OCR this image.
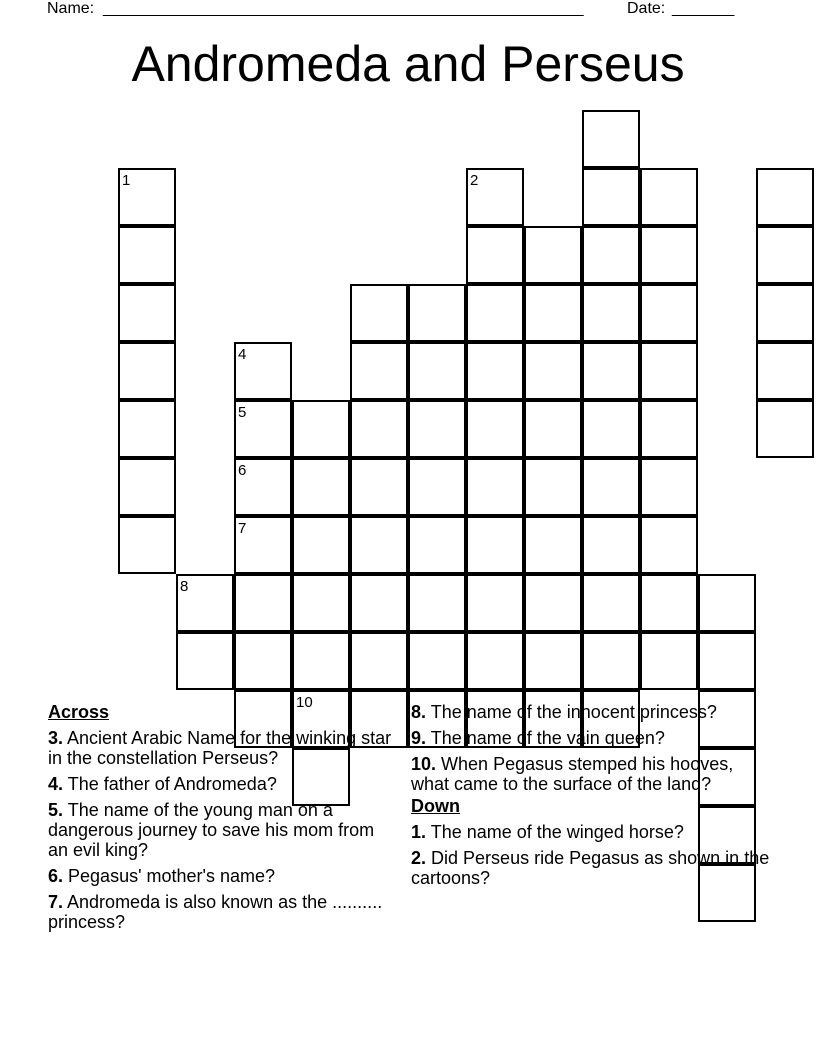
Name: ______________________________________________________	Date: _______
Andromeda and Perseus
1
8
4
5
6
7
10
2
Across
3. Ancient Arabic Name for the winking star in the constellation Perseus?
4. The father of Andromeda?
5. The name of the young man on a dangerous journey to save his mom from an evil king?
6. Pegasus' mother's name?
7. Andromeda is also known as the .......... princess?
8. The name of the innocent princess?
9. The name of the vain queen?
10. When Pegasus stemped his hooves, what came to the surface of the land?
Down
1. The name of the winged horse?
2. Did Perseus ride Pegasus as shown in the cartoons?
